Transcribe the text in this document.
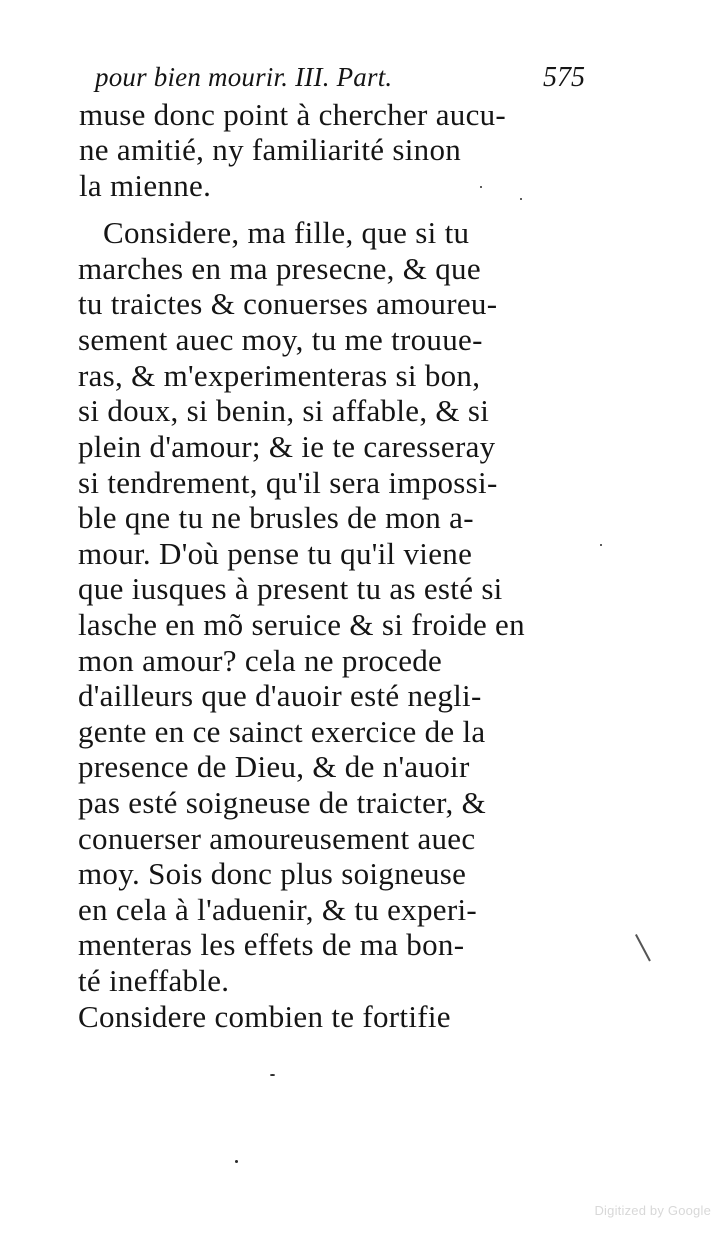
pour bien mourir. III. Part.	575
muse donc point à chercher aucu-
ne amitié, ny familiarité sinon
la mienne.
Considere, ma fille, que si tu
marches en ma presecne, & que
tu traictes & conuerses amoureu-
sement auec moy, tu me trouue-
ras, & m'experimenteras si bon,
si doux, si benin, si affable, & si
plein d'amour; & ie te caresseray
si tendrement, qu'il sera impossi-
ble qne tu ne brusles de mon a-
mour. D'où pense tu qu'il viene
que iusques à present tu as esté si
lasche en mõ seruice & si froide en
mon amour? cela ne procede
d'ailleurs que d'auoir esté negli-
gente en ce sainct exercice de la
presence de Dieu, & de n'auoir
pas esté soigneuse de traicter, &
conuerser amoureusement auec
moy. Sois donc plus soigneuse
en cela à l'aduenir, & tu experi-
menteras les effets de ma bon-
té ineffable.
Considere combien te fortifie
Digitized by Google
